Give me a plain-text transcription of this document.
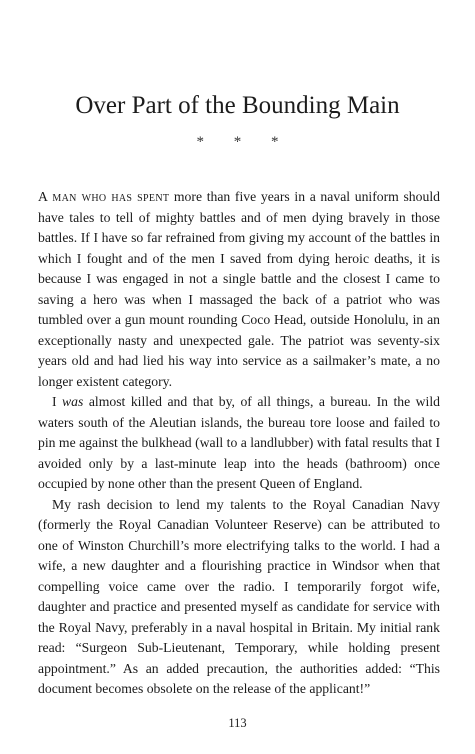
Over Part of the Bounding Main
* * *

A man who has spent more than five years in a naval uniform should have tales to tell of mighty battles and of men dying bravely in those battles. If I have so far refrained from giving my account of the battles in which I fought and of the men I saved from dying heroic deaths, it is because I was engaged in not a single battle and the closest I came to saving a hero was when I massaged the back of a patriot who was tumbled over a gun mount rounding Coco Head, outside Honolulu, in an exceptionally nasty and unexpected gale. The patriot was seventy-six years old and had lied his way into service as a sailmaker’s mate, a no longer existent category.

I was almost killed and that by, of all things, a bureau. In the wild waters south of the Aleutian islands, the bureau tore loose and failed to pin me against the bulkhead (wall to a landlubber) with fatal results that I avoided only by a last-minute leap into the heads (bathroom) once occupied by none other than the present Queen of England.

My rash decision to lend my talents to the Royal Canadian Navy (formerly the Royal Canadian Volunteer Reserve) can be attributed to one of Winston Churchill’s more electrifying talks to the world. I had a wife, a new daughter and a flourishing practice in Windsor when that compelling voice came over the radio. I temporarily forgot wife, daughter and practice and presented myself as candidate for service with the Royal Navy, preferably in a naval hospital in Britain. My initial rank read: “Surgeon Sub-Lieutenant, Temporary, while holding present appointment.” As an added precaution, the authorities added: “This document becomes obsolete on the release of the applicant!”

113
